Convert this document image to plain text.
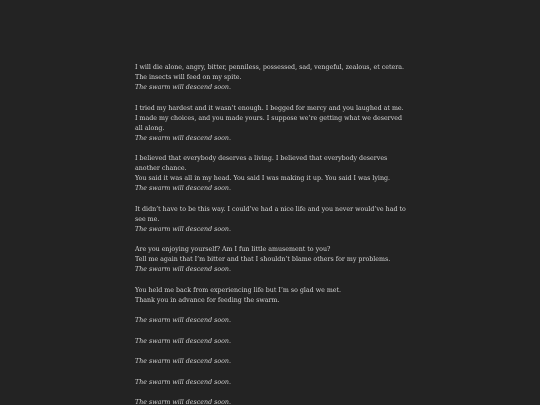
I will die alone, angry, bitter, penniless, possessed, sad, vengeful, zealous, et cetera.
The insects will feed on my spite.
The swarm will descend soon.
I tried my hardest and it wasn’t enough. I begged for mercy and you laughed at me.
I made my choices, and you made yours. I suppose we’re getting what we deserved all along.
The swarm will descend soon.
I believed that everybody deserves a living. I believed that everybody deserves another chance.
You said it was all in my head. You said I was making it up. You said I was lying.
The swarm will descend soon.
It didn’t have to be this way. I could’ve had a nice life and you never would’ve had to see me.
The swarm will descend soon.
Are you enjoying yourself? Am I fun little amusement to you?
Tell me again that I’m bitter and that I shouldn’t blame others for my problems.
The swarm will descend soon.
You held me back from experiencing life but I’m so glad we met.
Thank you in advance for feeding the swarm.
The swarm will descend soon.
The swarm will descend soon.
The swarm will descend soon.
The swarm will descend soon.
The swarm will descend soon.
